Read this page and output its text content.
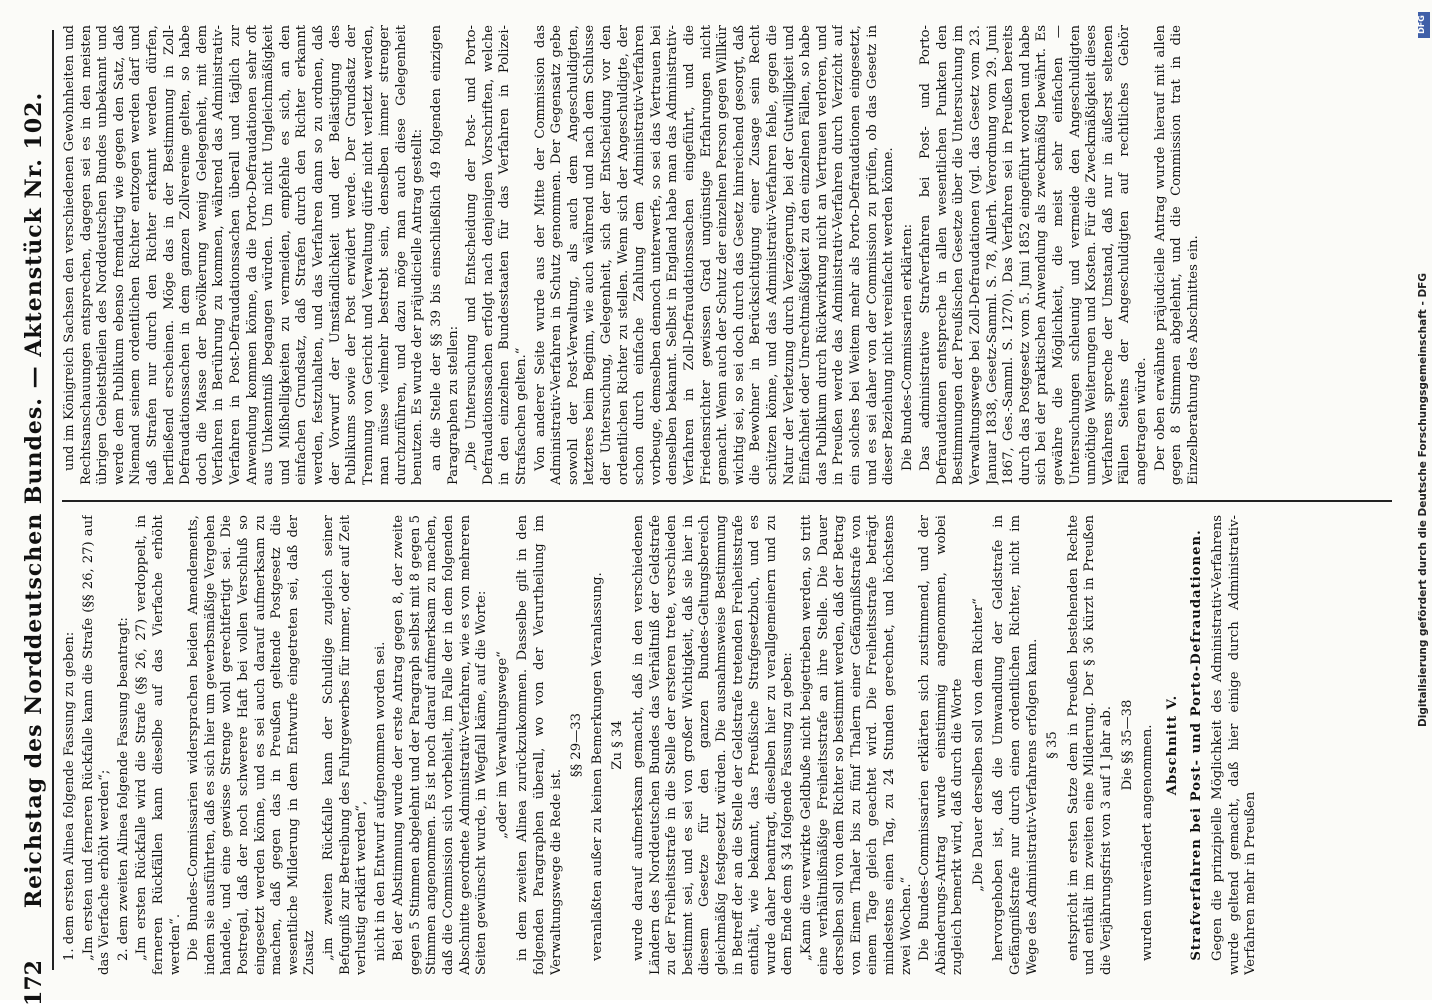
172
Reichstag des Norddeutschen Bundes. — Aktenstück Nr. 102. 1. dem ersten Alinea folgende Fassung zu geben: „Im ersten und ferneren Rückfalle kann die Strafe (§§ 26, 27) auf das Vierfache erhöht werden“; 2. dem zweiten Alinea folgende Fassung beantragt: „Im ersten Rückfalle wird die Strafe (§§ 26, 27) verdoppelt, in ferneren Rückfällen kann dieselbe auf das Vierfache erhöht werden“. Die Bundes-Commissarien widersprachen beiden Amendements, indem sie ausführten, daß es sich hier um gewerbsmäßige Vergehen handele, und eine gewisse Strenge wohl gerechtfertigt sei. Die Postregal, daß der noch schwerere Haft bei vollen Verschluß so eingesetzt werden könne, und es sei auch darauf aufmerksam zu machen, daß gegen das in Preußen geltende Postgesetz die wesentliche Milderung in dem Entwurfe eingetreten sei, daß der Zusatz „im zweiten Rückfalle kann der Schuldige zugleich seiner Befugniß zur Betreibung des Fuhrgewerbes für immer, oder auf Zeit verlustig erklärt werden“, nicht in den Entwurf aufgenommen worden sei. Bei der Abstimmung wurde der erste Antrag gegen 8, der zweite gegen 5 Stimmen abgelehnt und der Paragraph selbst mit 8 gegen 5 Stimmen angenommen. Es ist noch darauf aufmerksam zu machen, daß die Commission sich vorbehielt, im Falle der in dem folgenden Abschnitte geordnete Administrativ-Verfahren, wie es von mehreren Seiten gewünscht wurde, in Wegfall käme, auf die Worte: „oder im Verwaltungswege“ in dem zweiten Alinea zurückzukommen. Dasselbe gilt in den folgenden Paragraphen überall, wo von der Verurtheilung im Verwaltungswege die Rede ist.

§§ 29—33 veranlaßten außer zu keinen Bemerkungen Veranlassung. Zu § 34 wurde darauf aufmerksam gemacht, daß in den verschiedenen Ländern des Norddeutschen Bundes das Verhältniß der Geldstrafe zu der Freiheitsstrafe in die Stelle der ersteren trete, verschieden bestimmt sei, und es sei von großer Wichtigkeit, daß sie hier in diesem Gesetze für den ganzen Bundes-Geltungsbereich gleichmäßig festgesetzt würden. Die ausnahmsweise Bestimmung in Betreff der an die Stelle der Geldstrafe tretenden Freiheitsstrafe enthält, wie bekannt, das Preußische Strafgesetzbuch, und es wurde daher beantragt, dieselben hier zu verallgemeinern und zu dem Ende dem § 34 folgende Fassung zu geben: „Kann die verwirkte Geldbuße nicht beigetrieben werden, so tritt eine verhältnißmäßige Freiheitsstrafe an ihre Stelle. Die Dauer derselben soll von dem Richter so bestimmt werden, daß der Betrag von Einem Thaler bis zu fünf Thalern einer Gefängnißstrafe von einem Tage gleich geachtet wird. Die Freiheitsstrafe beträgt mindestens einen Tag, zu 24 Stunden gerechnet, und höchstens zwei Wochen.“ Die Bundes-Commissarien erklärten sich zustimmend, und der Abänderungs-Antrag wurde einstimmig angenommen, wobei zugleich bemerkt wird, daß durch die Worte „Die Dauer derselben soll von dem Richter“ hervorgehoben ist, daß die Umwandlung der Geldstrafe in Gefängnißstrafe nur durch einen ordentlichen Richter, nicht im Wege des Administrativ-Verfahrens erfolgen kann. § 35 entspricht im ersten Satze dem in Preußen bestehenden Rechte und enthält im zweiten eine Milderung. Der § 36 kürzt in Preußen die Verjährungsfrist von 3 auf 1 Jahr ab. Die §§ 35—38 wurden unverändert angenommen. Abschnitt V. Strafverfahren bei Post- und Porto-Defraudationen. Gegen die prinzipielle Möglichkeit des Administrativ-Verfahrens wurde geltend gemacht, daß hier einige durch Administrativ-Verfahren mehr in Preußen

und im Königreich Sachsen den verschiedenen Gewohnheiten und Rechtsanschauungen entsprechen, dagegen sei es in den meisten übrigen Gebietstheilen des Norddeutschen Bundes unbekannt und werde dem Publikum ebenso fremdartig wie gegen den Satz, daß Niemand seinem ordentlichen Richter entzogen werden darf und daß Strafen nur durch den Richter erkannt werden dürfen, herfließend erscheinen. Möge das in der Bestimmung in Zoll-Defraudationssachen in dem ganzen Zollvereine gelten, so habe doch die Masse der Bevölkerung wenig Gelegenheit, mit dem Verfahren in Berührung zu kommen, während das Administrativ-Verfahren in Post-Defraudationssachen überall und täglich zur Anwendung kommen könne, da die Porto-Defraudationen sehr oft aus Unkenntniß begangen würden. Um nicht Ungleichmäßigkeit und Mißhelligkeiten zu vermeiden, empfehle es sich, an den einfachen Grundsatz, daß Strafen durch den Richter erkannt werden, festzuhalten, und das Verfahren dann so zu ordnen, daß der Vorwurf der Umständlichkeit und der Belästigung des Publikums sowie der Post erwidert werde. Der Grundsatz der Trennung von Gericht und Verwaltung dürfe nicht verletzt werden, man müsse vielmehr bestrebt sein, denselben immer strenger durchzuführen, und dazu möge man auch diese Gelegenheit benutzen. Es wurde der präjudicielle Antrag gestellt: an die Stelle der §§ 39 bis einschließlich 49 folgenden einzigen Paragraphen zu stellen: „Die Untersuchung und Entscheidung der Post- und Porto-Defraudationssachen erfolgt nach denjenigen Vorschriften, welche in den einzelnen Bundesstaaten für das Verfahren in Polizei-Strafsachen gelten.“ Von anderer Seite wurde aus der Mitte der Commission das Administrativ-Verfahren in Schutz genommen. Der Gegensatz gebe sowohl der Post-Verwaltung, als auch dem Angeschuldigten, letzteres beim Beginn, wie auch während und nach dem Schlusse der Untersuchung, Gelegenheit, sich der Entscheidung vor den ordentlichen Richter zu stellen. Wenn sich der Angeschuldigte, der schon durch einfache Zahlung dem Administrativ-Verfahren vorbeuge, demselben dennoch unterwerfe, so sei das Vertrauen bei denselben bekannt. Selbst in England habe man das Administrativ-Verfahren in Zoll-Defraudationssachen eingeführt, und die Friedensrichter gewissen Grad ungünstige Erfahrungen nicht gemacht. Wenn auch der Schutz der einzelnen Person gegen Willkür wichtig sei, so sei doch durch das Gesetz hinreichend gesorgt, daß die Bewohner in Berücksichtigung einer Zusage sein Recht schützen könne, und das Administrativ-Verfahren fehle, gegen die Natur der Verletzung durch Verzögerung, bei der Gutwilligkeit und Einfachheit oder Unrechtmäßigkeit zu den einzelnen Fällen, so habe das Publikum durch Rückwirkung nicht an Vertrauen verloren, und in Preußen werde das Administrativ-Verfahren durch Verzicht auf ein solches bei Weitem mehr als Porto-Defraudationen eingesetzt, und es sei daher von der Commission zu prüfen, ob das Gesetz in dieser Beziehung nicht vereinfacht werden könne. Die Bundes-Commissarien erklärten: Das administrative Strafverfahren bei Post- und Porto-Defraudationen entspreche in allen wesentlichen Punkten den Bestimmungen der Preußischen Gesetze über die Untersuchung im Verwaltungswege bei Zoll-Defraudationen (vgl. das Gesetz vom 23. Januar 1838, Gesetz-Samml. S. 78, Allerh. Verordnung vom 29. Juni 1867, Ges.-Samml. S. 1270). Das Verfahren sei in Preußen bereits durch das Postgesetz vom 5. Juni 1852 eingeführt worden und habe sich bei der praktischen Anwendung als zweckmäßig bewährt. Es gewähre die Möglichkeit, die meist sehr einfachen — Untersuchungen schleunig und vermeide den Angeschuldigten unnöthige Weiterungen und Kosten. Für die Zweckmäßigkeit dieses Verfahrens spreche der Umstand, daß nur in äußerst seltenen Fällen Seitens der Angeschuldigten auf rechtliches Gehör angetragen würde. Der oben erwähnte präjudicielle Antrag wurde hierauf mit allen gegen 8 Stimmen abgelehnt, und die Commission trat in die Einzelberathung des Abschnittes ein.	Digitalisierung gefördert durch die Deutsche Forschungsgemeinschaft - DFG
DFG
